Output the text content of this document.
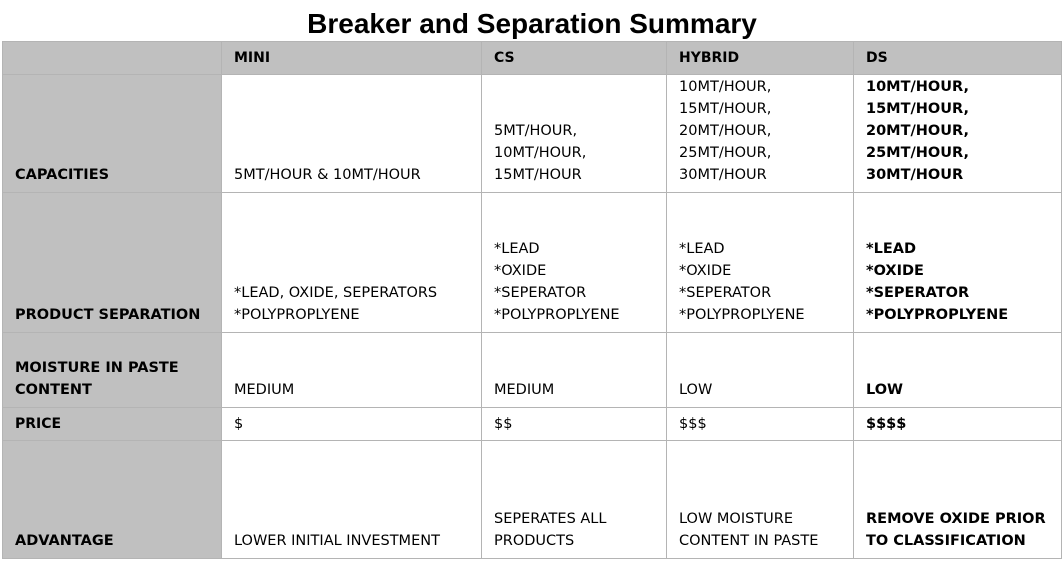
Breaker and Separation Summary
	MINI	CS	HYBRID	DS
CAPACITIES	5MT/HOUR & 10MT/HOUR	5MT/HOUR,
10MT/HOUR,
15MT/HOUR	10MT/HOUR,
15MT/HOUR,
20MT/HOUR,
25MT/HOUR,
30MT/HOUR	10MT/HOUR,
15MT/HOUR,
20MT/HOUR,
25MT/HOUR,
30MT/HOUR

PRODUCT SEPARATION	*LEAD, OXIDE, SEPERATORS
*POLYPROPLYENE	*LEAD
*OXIDE
*SEPERATOR
*POLYPROPLYENE	*LEAD
*OXIDE
*SEPERATOR
*POLYPROPLYENE	*LEAD
*OXIDE
*SEPERATOR
*POLYPROPLYENE

MOISTURE IN PASTE
CONTENT	MEDIUM	MEDIUM	LOW	LOW

PRICE	$	$$	$$$	$$$$

ADVANTAGE	LOWER INITIAL INVESTMENT	SEPERATES ALL
PRODUCTS	LOW MOISTURE
CONTENT IN PASTE	REMOVE OXIDE PRIOR
TO CLASSIFICATION
